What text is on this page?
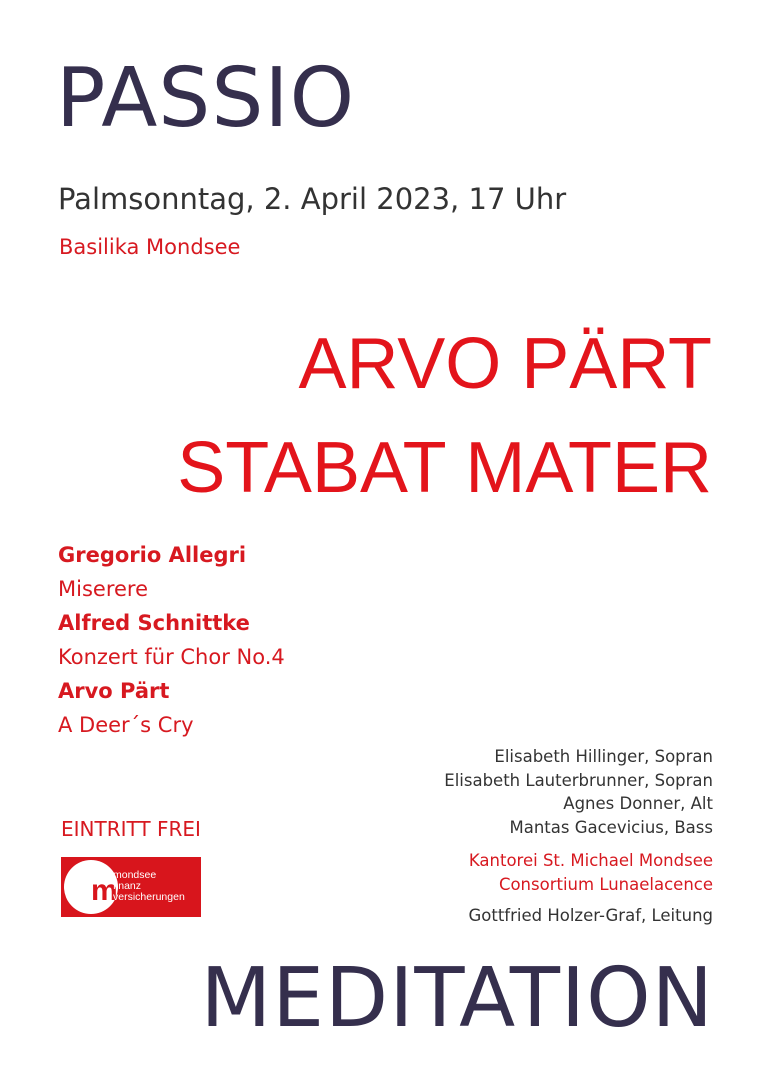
PASSIO
Palmsonntag, 2. April 2023, 17 Uhr
Basilika Mondsee
ARVO PÄRT
STABAT MATER
Gregorio Allegri
Miserere
Alfred Schnittke
Konzert für Chor No.4
Arvo Pärt
A Deer´s Cry
Elisabeth Hillinger, Sopran
Elisabeth Lauterbrunner, Sopran
Agnes Donner, Alt
Mantas Gacevicius, Bass
Kantorei St. Michael Mondsee
Consortium Lunaelacence
Gottfried Holzer-Graf, Leitung
EINTRITT FREI
m
mondsee
finanz
versicherungen
MEDITATION
